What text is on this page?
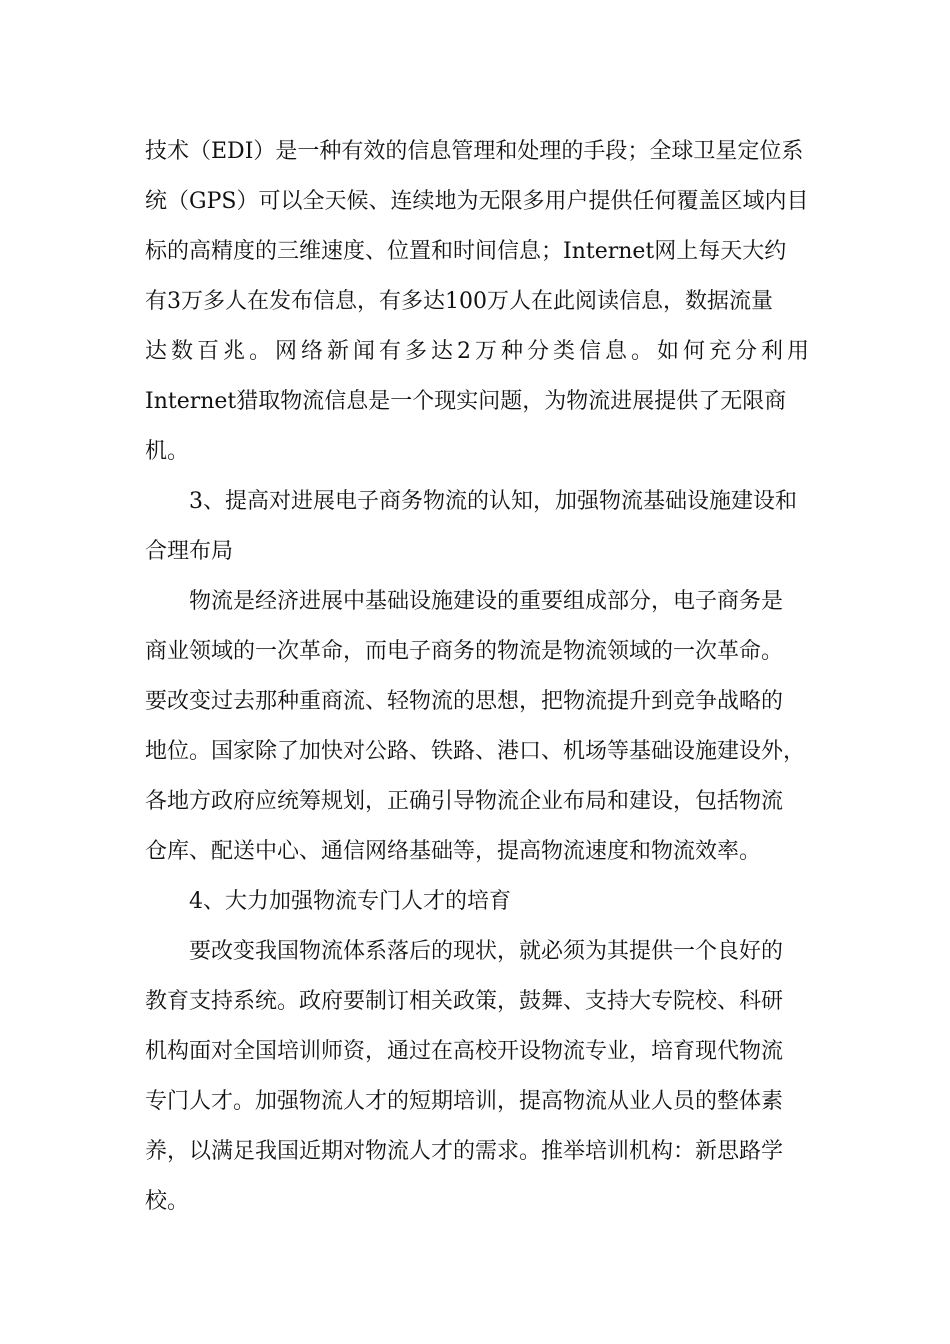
技术（EDI）是一种有效的信息管理和处理的手段；全球卫星定位系
统（GPS）可以全天候、连续地为无限多用户提供任何覆盖区域内目
标的高精度的三维速度、位置和时间信息；Internet网上每天大约
有3万多人在发布信息，有多达100万人在此阅读信息，数据流量
达数百兆。网络新闻有多达2万种分类信息。如何充分利用
Internet猎取物流信息是一个现实问题，为物流进展提供了无限商
机。
3、提高对进展电子商务物流的认知，加强物流基础设施建设和
合理布局
物流是经济进展中基础设施建设的重要组成部分，电子商务是
商业领域的一次革命，而电子商务的物流是物流领域的一次革命。
要改变过去那种重商流、轻物流的思想，把物流提升到竞争战略的
地位。国家除了加快对公路、铁路、港口、机场等基础设施建设外，
各地方政府应统筹规划，正确引导物流企业布局和建设，包括物流
仓库、配送中心、通信网络基础等，提高物流速度和物流效率。
4、大力加强物流专门人才的培育
要改变我国物流体系落后的现状，就必须为其提供一个良好的
教育支持系统。政府要制订相关政策，鼓舞、支持大专院校、科研
机构面对全国培训师资，通过在高校开设物流专业，培育现代物流
专门人才。加强物流人才的短期培训，提高物流从业人员的整体素
养，以满足我国近期对物流人才的需求。推举培训机构：新思路学
校。
